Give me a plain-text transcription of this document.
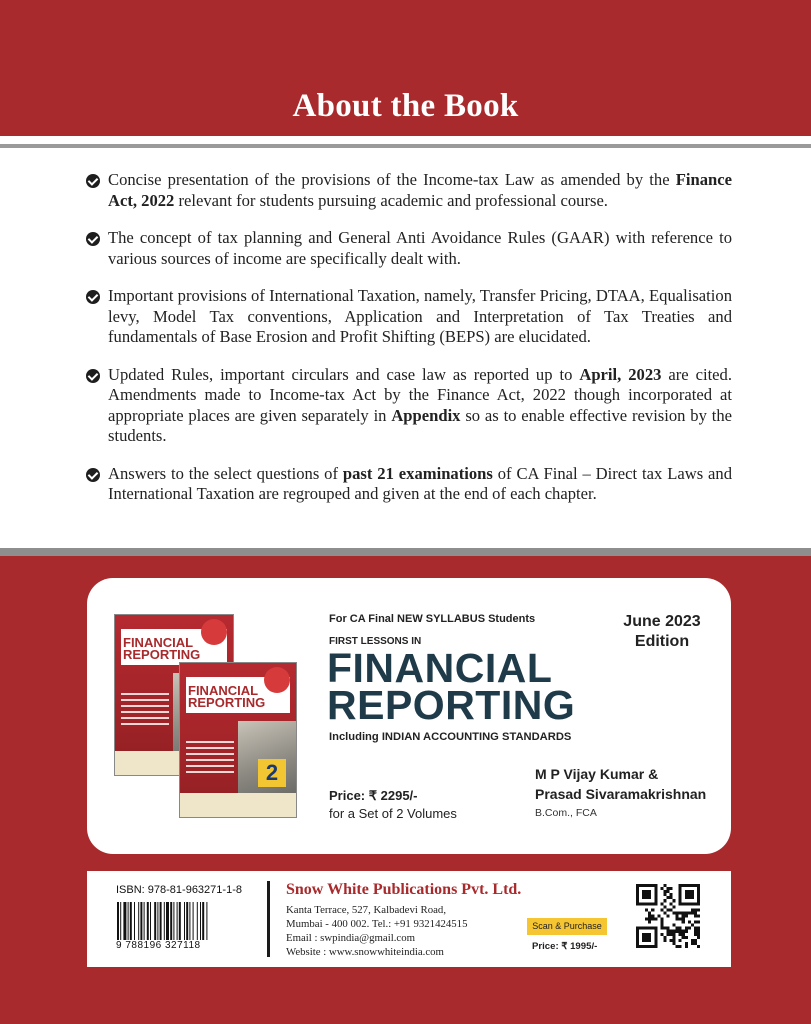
About the Book
Concise presentation of the provisions of the Income-tax Law as amended by the Finance Act, 2022 relevant for students pursuing academic and professional course.
The concept of tax planning and General Anti Avoidance Rules (GAAR) with reference to various sources of income are specifically dealt with.
Important provisions of International Taxation, namely, Transfer Pricing, DTAA, Equalisation levy, Model Tax conventions, Application and Interpretation of Tax Treaties and fundamentals of Base Erosion and Profit Shifting (BEPS) are elucidated.
Updated Rules, important circulars and case law as reported up to April, 2023 are cited. Amendments made to Income-tax Act by the Finance Act, 2022 though incorporated at appropriate places are given separately in Appendix so as to enable effective revision by the students.
Answers to the select questions of past 21 examinations of CA Final – Direct tax Laws and International Taxation are regrouped and given at the end of each chapter.
FINANCIAL
REPORTING
FINANCIAL
REPORTING
2
For CA Final NEW SYLLABUS Students
FIRST LESSONS IN
FINANCIAL
REPORTING
Including INDIAN ACCOUNTING STANDARDS
June 2023
Edition
M P Vijay Kumar &
Prasad Sivaramakrishnan
B.Com., FCA
Price: ₹ 2295/-
for a Set of 2 Volumes
ISBN: 978-81-963271-1-8
9 788196 327118
Snow White Publications Pvt. Ltd.
Kanta Terrace, 527, Kalbadevi Road,
Mumbai - 400 002. Tel.: +91 9321424515
Email : swpindia@gmail.com
Website : www.snowwhiteindia.com
Scan & Purchase
Price: ₹ 1995/-
